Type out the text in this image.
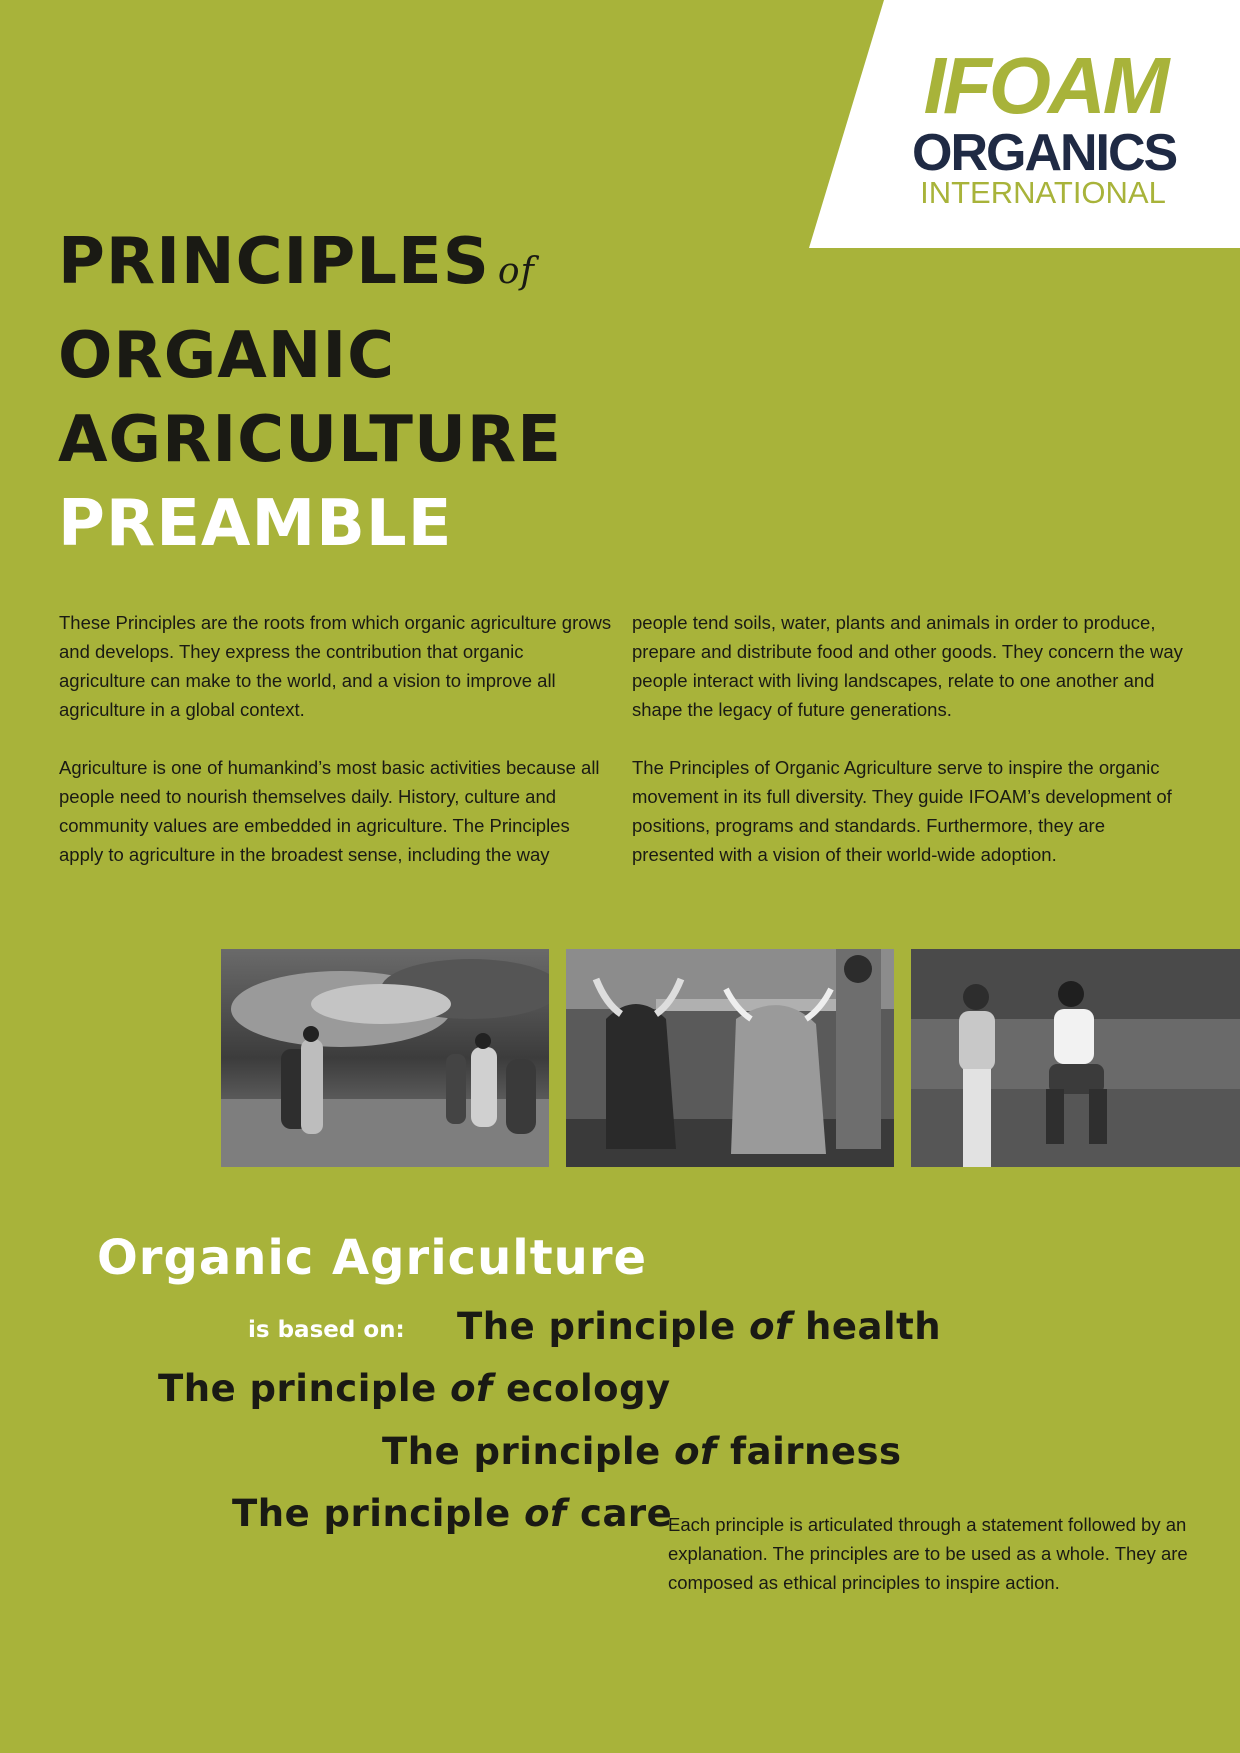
IFOAM
ORGANICS
INTERNATIONAL
PRINCIPLES of
ORGANIC
AGRICULTURE
PREAMBLE

These Principles are the roots from which organic agriculture grows and develops. They express the contribution that organic agriculture can make to the world, and a vision to improve all agriculture in a global context.

Agriculture is one of humankind’s most basic activities because all people need to nourish themselves daily. History, culture and community values are embedded in agriculture. The Principles apply to agriculture in the broadest sense, including the way

people tend soils, water, plants and animals in order to produce, prepare and distribute food and other goods. They concern the way people interact with living landscapes, relate to one another and shape the legacy of future generations.

The Principles of Organic Agriculture serve to inspire the organic movement in its full diversity. They guide IFOAM’s development of positions, programs and standards. Furthermore, they are presented with a vision of their world-wide adoption.

Organic Agriculture
is based on: The principle of health
The principle of ecology
The principle of fairness
The principle of care
Each principle is articulated through a statement followed by an explanation. The principles are to be used as a whole. They are composed as ethical principles to inspire action.
